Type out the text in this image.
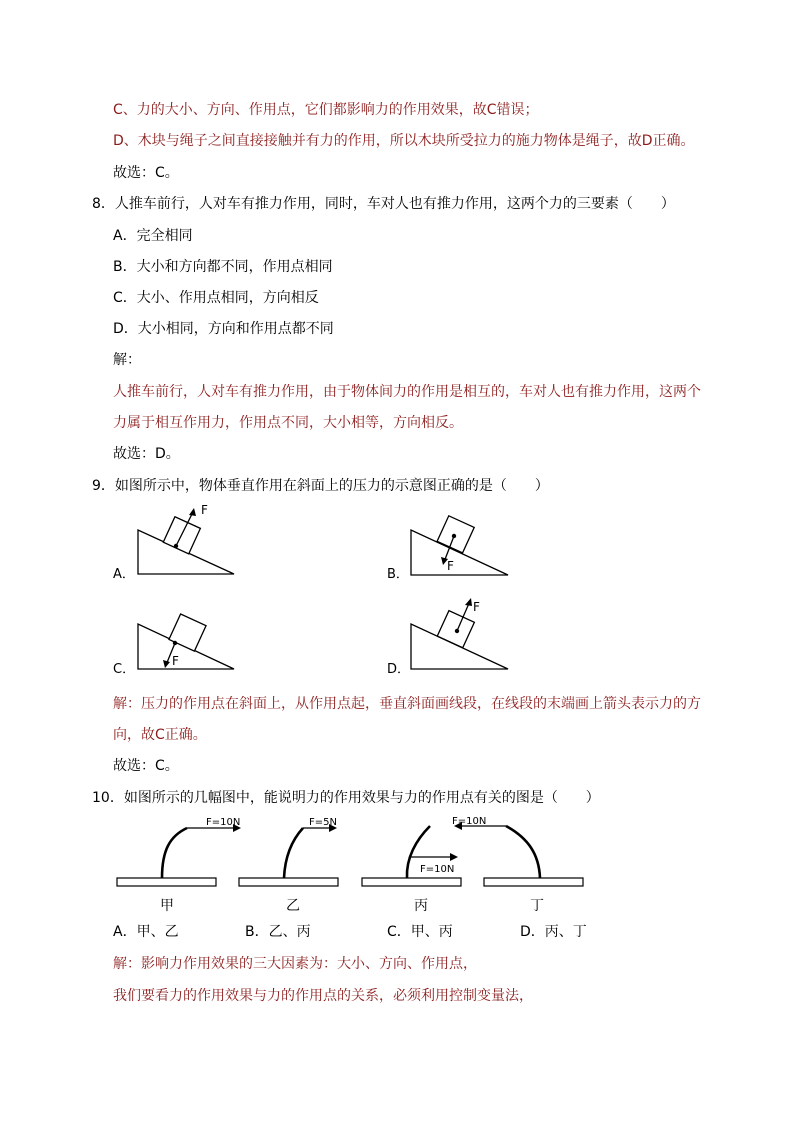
C、力的大小、方向、作用点，它们都影响力的作用效果，故C错误；
D、木块与绳子之间直接接触并有力的作用，所以木块所受拉力的施力物体是绳子，故D正确。
故选：C。
8．人推车前行，人对车有推力作用，同时，车对人也有推力作用，这两个力的三要素（　　）
A．完全相同
B．大小和方向都不同，作用点相同
C．大小、作用点相同，方向相反
D．大小相同，方向和作用点都不同
解：
人推车前行，人对车有推力作用，由于物体间力的作用是相互的，车对人也有推力作用，这两个
力属于相互作用力，作用点不同，大小相等，方向相反。
故选：D。
9．如图所示中，物体垂直作用在斜面上的压力的示意图正确的是（　　）
A．
F
B．
F
C．
F
D．
F
解：压力的作用点在斜面上，从作用点起，垂直斜面画线段，在线段的末端画上箭头表示力的方
向，故C正确。
故选：C。
10．如图所示的几幅图中，能说明力的作用效果与力的作用点有关的图是（　　）
F=10N
甲
F=5N
乙
F=10N
丙
F=10N
丁
A．甲、乙	B．乙、丙	C．甲、丙	D．丙、丁
解：影响力作用效果的三大因素为：大小、方向、作用点，
我们要看力的作用效果与力的作用点的关系，必须利用控制变量法，
